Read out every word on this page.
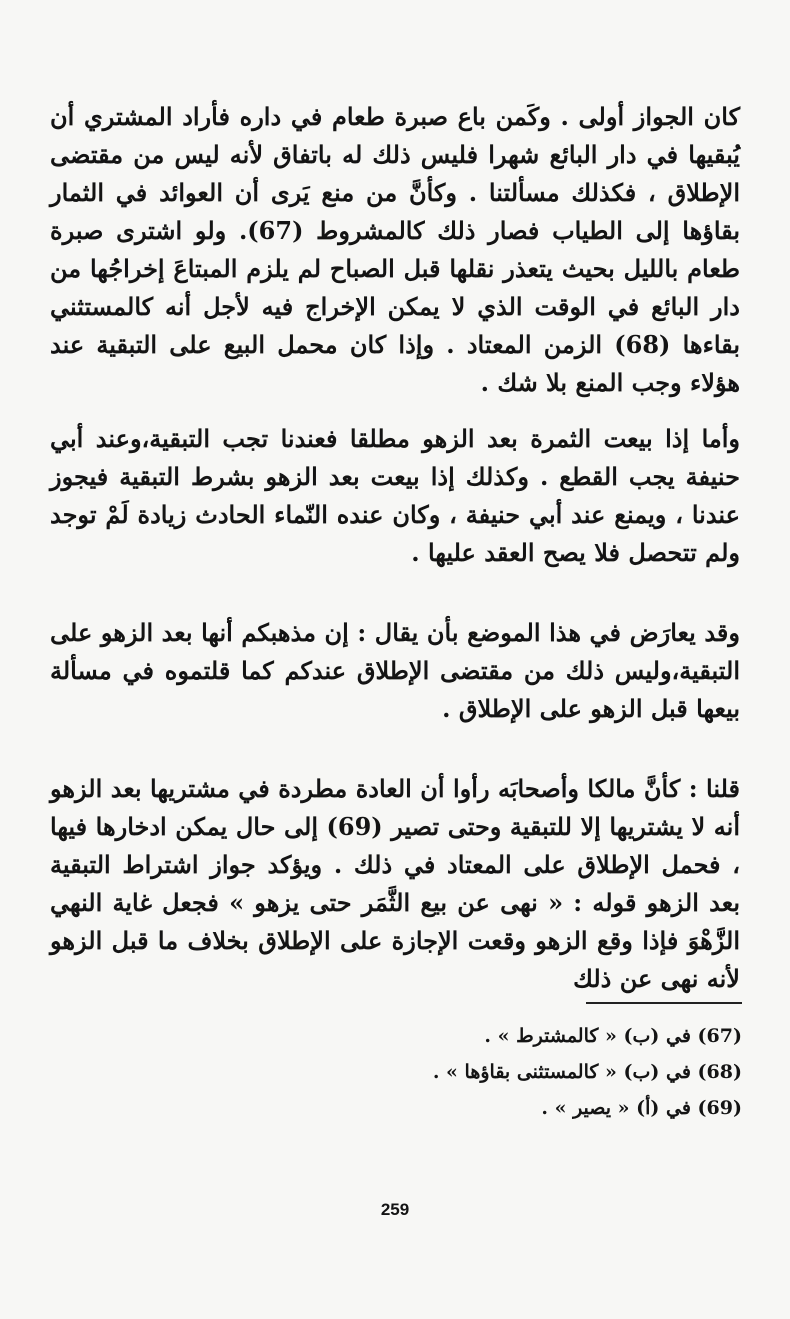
كان الجواز أولى . وكَمن باع صبرة طعام في داره فأراد المشتري أن يُبقيها في دار البائع شهرا فليس ذلك له باتفاق لأنه ليس من مقتضى الإطلاق ، فكذلك مسألتنا . وكأنَّ من منع يَرى أن العوائد في الثمار بقاؤها إلى الطياب فصار ذلك كالمشروط (67). ولو اشترى صبرة طعام بالليل بحيث يتعذر نقلها قبل الصباح لم يلزم المبتاعَ إخراجُها من دار البائع في الوقت الذي لا يمكن الإخراج فيه لأجل أنه كالمستثني بقاءها (68) الزمن المعتاد . وإذا كان محمل البيع على التبقية عند هؤلاء وجب المنع بلا شك .

وأما إذا بيعت الثمرة بعد الزهو مطلقا فعندنا تجب التبقية،وعند أبي حنيفة يجب القطع . وكذلك إذا بيعت بعد الزهو بشرط التبقية فيجوز عندنا ، ويمنع عند أبي حنيفة ، وكان عنده النّماء الحادث زيادة لَمْ توجد ولم تتحصل فلا يصح العقد عليها .

وقد يعارَض في هذا الموضع بأن يقال : إن مذهبكم أنها بعد الزهو على التبقية،وليس ذلك من مقتضى الإطلاق عندكم كما قلتموه في مسألة بيعها قبل الزهو على الإطلاق .

قلنا : كأنَّ مالكا وأصحابَه رأوا أن العادة مطردة في مشتريها بعد الزهو أنه لا يشتريها إلا للتبقية وحتى تصير (69) إلى حال يمكن ادخارها فيها ، فحمل الإطلاق على المعتاد في ذلك . ويؤكد جواز اشتراط التبقية بعد الزهو قوله : « نهى عن بيع الثَّمَر حتى يزهو » فجعل غاية النهي الزَّهْوَ فإذا وقع الزهو وقعت الإجازة على الإطلاق بخلاف ما قبل الزهو لأنه نهى عن ذلك

(67) في (ب) « كالمشترط » .
(68) في (ب) « كالمستثنى بقاؤها » .
(69) في (أ) « يصير » .
259
